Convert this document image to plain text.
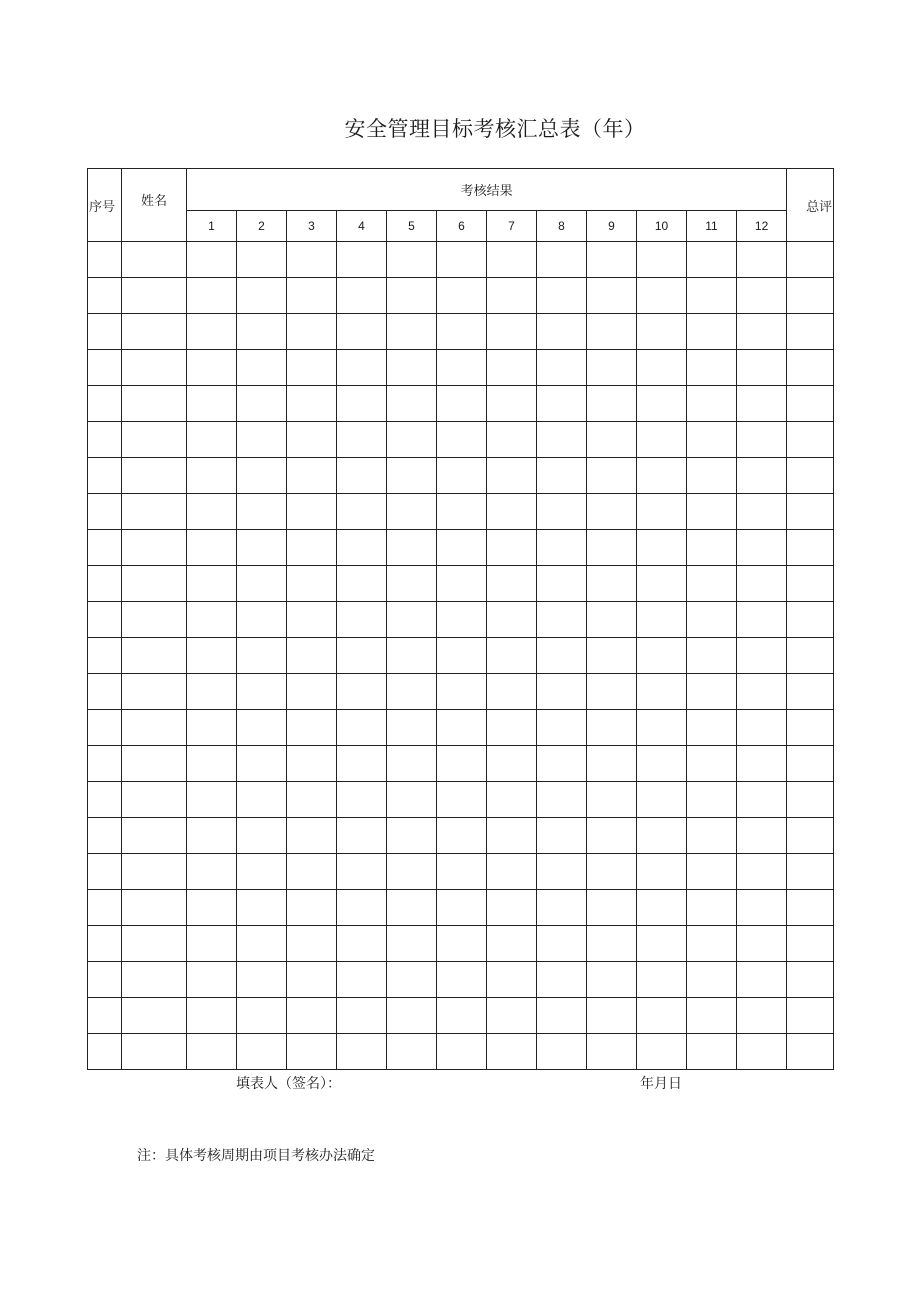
安全管理目标考核汇总表（年）
序号	姓名	考核结果												总评
		1	2	3	4	5	6	7	8	9	10	11	12	

填表人（签名）：	年月日
注：具体考核周期由项目考核办法确定
